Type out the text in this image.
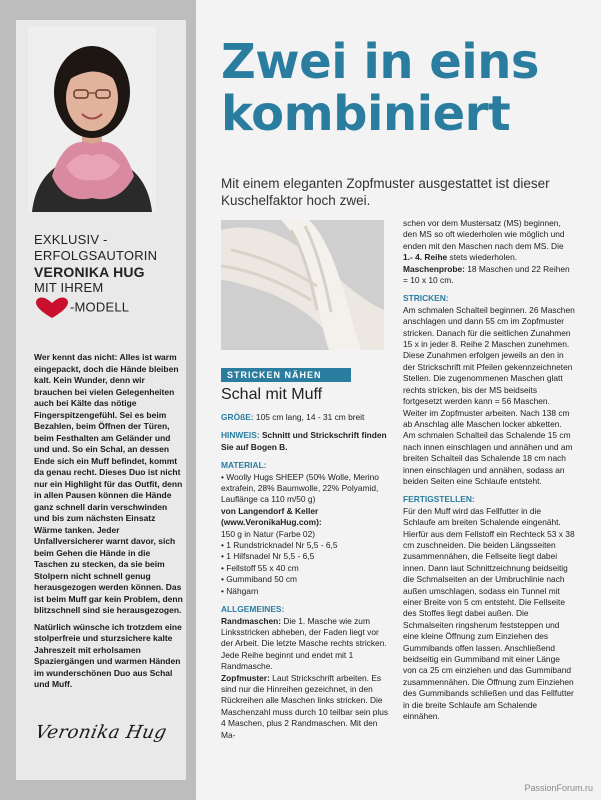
EXKLUSIV -
ERFOLGSAUTORIN
VERONIKA HUG
MIT IHREM
-MODELL

Wer kennt das nicht: Alles ist warm eingepackt, doch die Hände bleiben kalt. Kein Wunder, denn wir brauchen bei vielen Gelegenheiten auch bei Kälte das nötige Fingerspitzengefühl. Sei es beim Bezahlen, beim Öffnen der Türen, beim Festhalten am Geländer und und und. So ein Schal, an dessen Ende sich ein Muff befindet, kommt da genau recht. Dieses Duo ist nicht nur ein Highlight für das Outfit, denn in allen Pausen können die Hände ganz schnell darin verschwinden und bis zum nächsten Einsatz Wärme tanken. Jeder Unfallversicherer warnt davor, sich beim Gehen die Hände in die Taschen zu stecken, da sie beim Stolpern nicht schnell genug herausgezogen werden können. Das ist beim Muff gar kein Problem, denn blitzschnell sind sie herausgezogen.

Natürlich wünsche ich trotzdem eine stolperfreie und sturzsichere kalte Jahreszeit mit erholsamen Spaziergängen und warmen Händen im wunderschönen Duo aus Schal und Muff.

Veronika Hug
Zwei in eins
kombiniert
Mit einem eleganten Zopfmuster ausgestattet ist dieser Kuschelfaktor hoch zwei.
STRICKEN NÄHEN
Schal mit Muff

GRÖßE: 105 cm lang, 14 - 31 cm breit

HINWEIS: Schnitt und Strickschrift finden Sie auf Bogen B.

MATERIAL:
• Woolly Hugs SHEEP (50% Wolle, Merino extrafein, 28% Baumwolle, 22% Polyamid, Lauflänge ca 110 m/50 g)
von Langendorf & Keller
(www.VeronikaHug.com):
150 g in Natur (Farbe 02)
• 1 Rundstricknadel Nr 5,5 - 6,5
• 1 Hilfsnadel Nr 5,5 - 6,5
• Fellstoff 55 x 40 cm
• Gummiband 50 cm
• Nähgarn

ALLGEMEINES:
Randmaschen: Die 1. Masche wie zum Linksstricken abheben, der Faden liegt vor der Arbeit. Die letzte Masche rechts stricken. Jede Reihe beginnt und endet mit 1 Randmasche.
Zopfmuster: Laut Strickschrift arbeiten. Es sind nur die Hinreihen gezeichnet, in den Rückreihen alle Maschen links stricken. Die Maschenzahl muss durch 10 teilbar sein plus 4 Maschen, plus 2 Randmaschen. Mit den Ma-

schen vor dem Mustersatz (MS) beginnen, den MS so oft wiederholen wie möglich und enden mit den Maschen nach dem MS. Die 1.- 4. Reihe stets wiederholen.
Maschenprobe: 18 Maschen und 22 Reihen = 10 x 10 cm.

STRICKEN:
Am schmalen Schalteil beginnen. 26 Maschen anschlagen und dann 55 cm im Zopfmuster stricken. Danach für die seitlichen Zunahmen 15 x in jeder 8. Reihe 2 Maschen zunehmen. Diese Zunahmen erfolgen jeweils an den in der Strickschrift mit Pfeilen gekennzeichneten Stellen. Die zugenommenen Maschen glatt rechts stricken, bis der MS beidseits fortgesetzt werden kann = 56 Maschen. Weiter im Zopfmuster arbeiten. Nach 138 cm ab Anschlag alle Maschen locker abketten. Am schmalen Schalteil das Schalende 15 cm nach innen einschlagen und annähen und am breiten Schalteil das Schalende 18 cm nach innen einschlagen und annähen, sodass an beiden Seiten eine Schlaufe entsteht.

FERTIGSTELLEN:
Für den Muff wird das Fellfutter in die Schlaufe am breiten Schalende eingenäht. Hierfür aus dem Fellstoff ein Rechteck 53 x 38 cm zuschneiden. Die beiden Längsseiten zusammennähen, die Fellseite liegt dabei innen. Dann laut Schnittzeichnung beidseitig die Schmalseiten an der Umbruchlinie nach außen umschlagen, sodass ein Tunnel mit einer Breite von 5 cm entsteht. Die Fellseite des Stoffes liegt dabei außen. Die Schmalseiten ringsherum feststeppen und eine kleine Öffnung zum Einziehen des Gummibands offen lassen. Anschließend beidseitig ein Gummiband mit einer Länge von ca 25 cm einziehen und das Gummiband zusammennähen. Die Öffnung zum Einziehen des Gummibands schließen und das Fellfutter in die breite Schlaufe am Schalende einnähen.

PassionForum.ru
